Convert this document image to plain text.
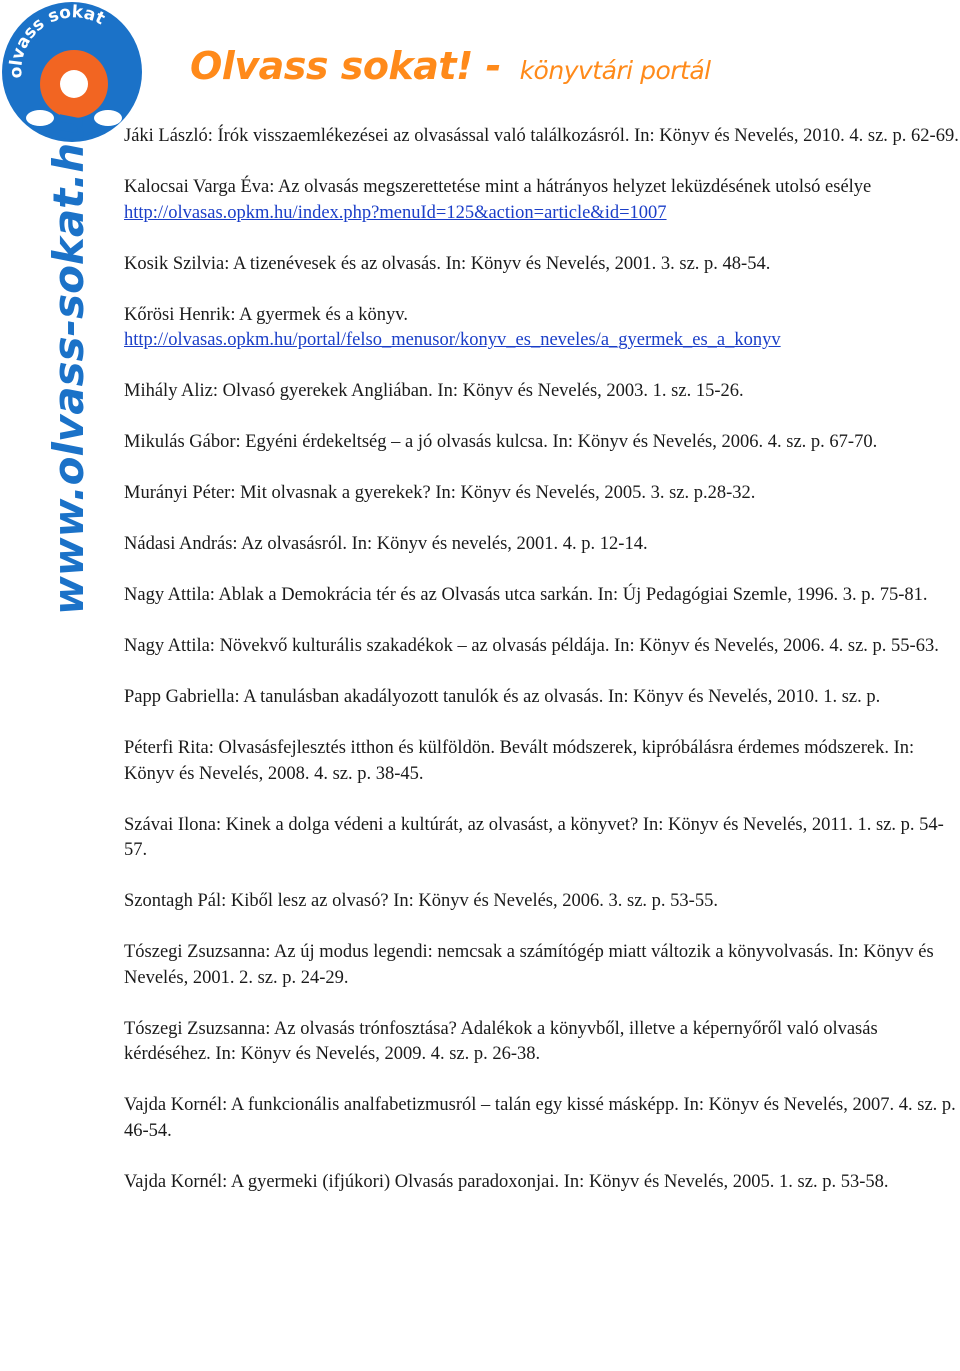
olvass sokat
Olvass sokat! - könyvtári portál
www.olvass-sokat.hu Jáki László: Írók visszaemlékezései az olvasással való találkozásról. In: Könyv és Nevelés, 2010. 4. sz. p. 62-69.

Kalocsai Varga Éva: Az olvasás megszerettetése mint a hátrányos helyzet leküzdésének utolsó esélye

http://olvasas.opkm.hu/index.php?menuId=125&action=article&id=1007

Kosik Szilvia: A tizenévesek és az olvasás. In: Könyv és Nevelés, 2001. 3. sz. p. 48-54.

Kőrösi Henrik: A gyermek és a könyv.

http://olvasas.opkm.hu/portal/felso_menusor/konyv_es_neveles/a_gyermek_es_a_konyv

Mihály Aliz: Olvasó gyerekek Angliában. In: Könyv és Nevelés, 2003. 1. sz. 15-26.

Mikulás Gábor: Egyéni érdekeltség – a jó olvasás kulcsa. In: Könyv és Nevelés, 2006. 4. sz. p. 67-70.

Murányi Péter: Mit olvasnak a gyerekek? In: Könyv és Nevelés, 2005. 3. sz. p.28-32.

Nádasi András: Az olvasásról. In: Könyv és nevelés, 2001. 4. p. 12-14.

Nagy Attila: Ablak a Demokrácia tér és az Olvasás utca sarkán. In: Új Pedagógiai Szemle, 1996. 3. p. 75-81.

Nagy Attila: Növekvő kulturális szakadékok – az olvasás példája. In: Könyv és Nevelés, 2006. 4. sz. p. 55-63.

Papp Gabriella: A tanulásban akadályozott tanulók és az olvasás. In: Könyv és Nevelés, 2010. 1. sz. p.

Péterfi Rita: Olvasásfejlesztés itthon és külföldön. Bevált módszerek, kipróbálásra érdemes módszerek. In: Könyv és Nevelés, 2008. 4. sz. p. 38-45.

Szávai Ilona: Kinek a dolga védeni a kultúrát, az olvasást, a könyvet? In: Könyv és Nevelés, 2011. 1. sz. p. 54-57.

Szontagh Pál: Kiből lesz az olvasó? In: Könyv és Nevelés, 2006. 3. sz. p. 53-55.

Tószegi Zsuzsanna: Az új modus legendi: nemcsak a számítógép miatt változik a könyvolvasás. In: Könyv és Nevelés, 2001. 2. sz. p. 24-29.

Tószegi Zsuzsanna: Az olvasás trónfosztása? Adalékok a könyvből, illetve a képernyőről való olvasás kérdéséhez. In: Könyv és Nevelés, 2009. 4. sz. p. 26-38.

Vajda Kornél: A funkcionális analfabetizmusról – talán egy kissé másképp. In: Könyv és Nevelés, 2007. 4. sz. p. 46-54.

Vajda Kornél: A gyermeki (ifjúkori) Olvasás paradoxonjai. In: Könyv és Nevelés, 2005. 1. sz. p. 53-58.
